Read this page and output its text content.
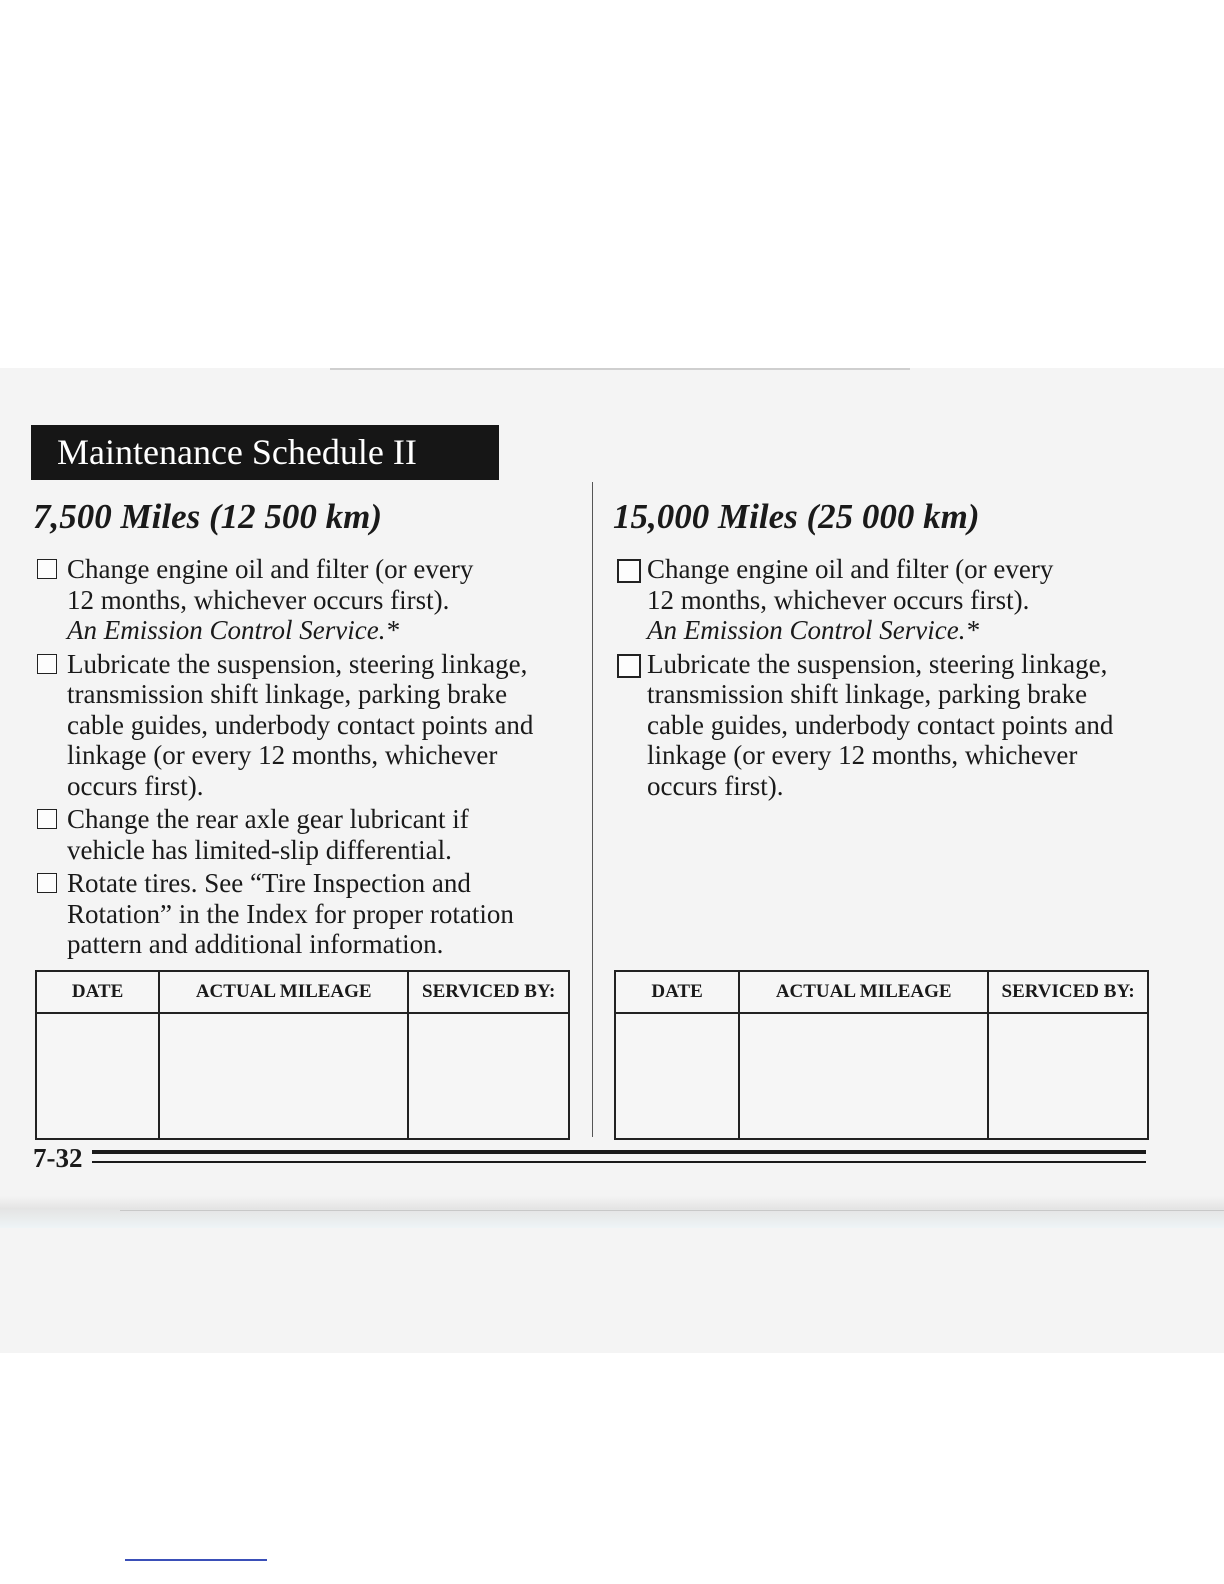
Maintenance Schedule II
7,500 Miles (12 500 km)
Change engine oil and filter (or every
12 months, whichever occurs first).
An Emission Control Service.*
Lubricate the suspension, steering linkage,
transmission shift linkage, parking brake
cable guides, underbody contact points and
linkage (or every 12 months, whichever
occurs first).
Change the rear axle gear lubricant if
vehicle has limited-slip differential.
Rotate tires. See “Tire Inspection and
Rotation” in the Index for proper rotation
pattern and additional information.
DATE	ACTUAL MILEAGE	SERVICED BY:

15,000 Miles (25 000 km)
Change engine oil and filter (or every
12 months, whichever occurs first).
An Emission Control Service.*
Lubricate the suspension, steering linkage,
transmission shift linkage, parking brake
cable guides, underbody contact points and
linkage (or every 12 months, whichever
occurs first).
DATE	ACTUAL MILEAGE	SERVICED BY:

7-32
